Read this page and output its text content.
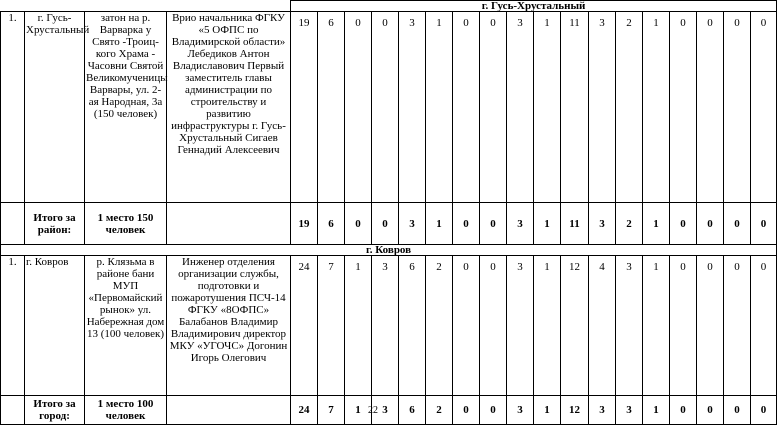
				г. Гусь-Хрустальный																	
1.	г. Гусь-Хрустальный	затон на р. Варварка у Свято -Троиц-кого Храма - Часовни Святой Великомученицы Варвары, ул. 2-ая Народная, 3а (150 человек)	Врио начальника ФГКУ «5 ОФПС по Владимирской области» Лебедиков Антон Владиславович Первый заместитель главы администрации по строительству и развитию инфраструктуры г. Гусь-Хрустальный Сигаев Геннадий Алексеевич	19	6	0	0	3	1	0	0	3	1	11	3	2	1	0	0	0	0
	Итого за район:	1 место 150 человек		19	6	0	0	3	1	0	0	3	1	11	3	2	1	0	0	0	0
г. Ковров																					
1.	г. Ковров	р. Клязьма в районе бани МУП «Первомайский рынок» ул. Набережная дом 13 (100 человек)	Инженер отделения организации службы, подготовки и пожаротушения ПСЧ-14 ФГКУ «8ОФПС» Балабанов Владимир Владимирович директор МКУ «УГОЧС» Догонин Игорь Олегович	24	7	1	3	6	2	0	0	3	1	12	4	3	1	0	0	0	0
	Итого за город:	1 место 100 человек		24	7	1	3	6	2	0	0	3	1	12	3	3	1	0	0	0	0
22
